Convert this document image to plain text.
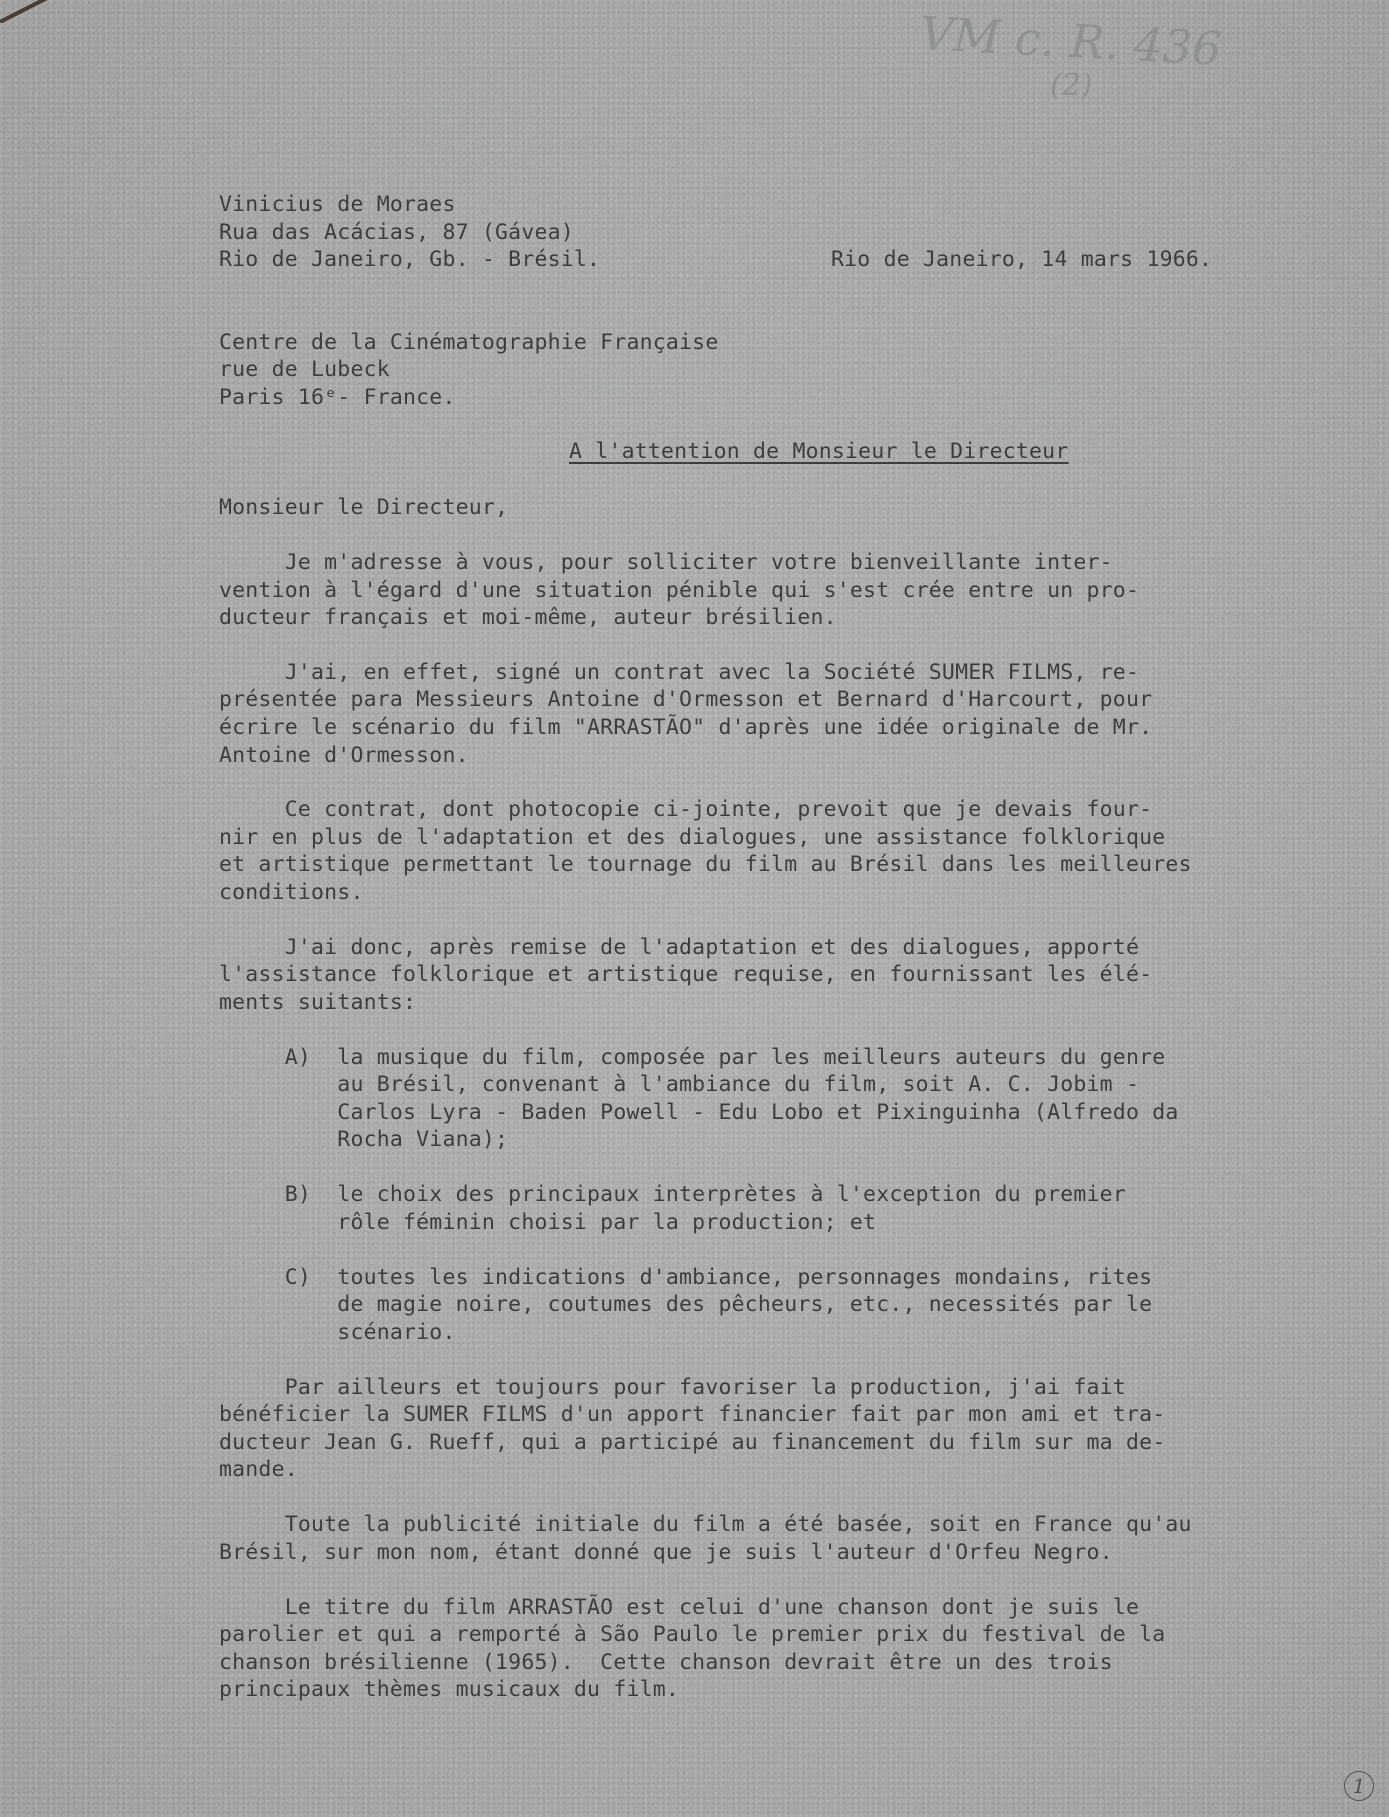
VM c. R. 436
(2)
Vinicius de Moraes
Rua das Acácias, 87 (Gávea)
Rio de Janeiro, Gb. - Brésil.	Rio de Janeiro, 14 mars 1966.
Centre de la Cinématographie Française
rue de Lubeck
Paris 16ᵉ- France.
A l'attention de Monsieur le Directeur
Monsieur le Directeur,
Je m'adresse à vous, pour solliciter votre bienveillante inter-
vention à l'égard d'une situation pénible qui s'est crée entre un pro-
ducteur français et moi-même, auteur brésilien.
J'ai, en effet, signé un contrat avec la Société SUMER FILMS, re-
présentée para Messieurs Antoine d'Ormesson et Bernard d'Harcourt, pour
écrire le scénario du film "ARRASTÃO" d'après une idée originale de Mr.
Antoine d'Ormesson.
Ce contrat, dont photocopie ci-jointe, prevoit que je devais four-
nir en plus de l'adaptation et des dialogues, une assistance folklorique
et artistique permettant le tournage du film au Brésil dans les meilleures
conditions.
J'ai donc, après remise de l'adaptation et des dialogues, apporté
l'assistance folklorique et artistique requise, en fournissant les élé-
ments suitants:
A)  la musique du film, composée par les meilleurs auteurs du genre
au Brésil, convenant à l'ambiance du film, soit A. C. Jobim -
Carlos Lyra - Baden Powell - Edu Lobo et Pixinguinha (Alfredo da
Rocha Viana);
B)  le choix des principaux interprètes à l'exception du premier
rôle féminin choisi par la production; et
C)  toutes les indications d'ambiance, personnages mondains, rites
de magie noire, coutumes des pêcheurs, etc., necessités par le
scénario.
Par ailleurs et toujours pour favoriser la production, j'ai fait
bénéficier la SUMER FILMS d'un apport financier fait par mon ami et tra-
ducteur Jean G. Rueff, qui a participé au financement du film sur ma de-
mande.
Toute la publicité initiale du film a été basée, soit en France qu'au
Brésil, sur mon nom, étant donné que je suis l'auteur d'Orfeu Negro.
Le titre du film ARRASTÃO est celui d'une chanson dont je suis le
parolier et qui a remporté à São Paulo le premier prix du festival de la
chanson brésilienne (1965).  Cette chanson devrait être un des trois
principaux thèmes musicaux du film.
1
